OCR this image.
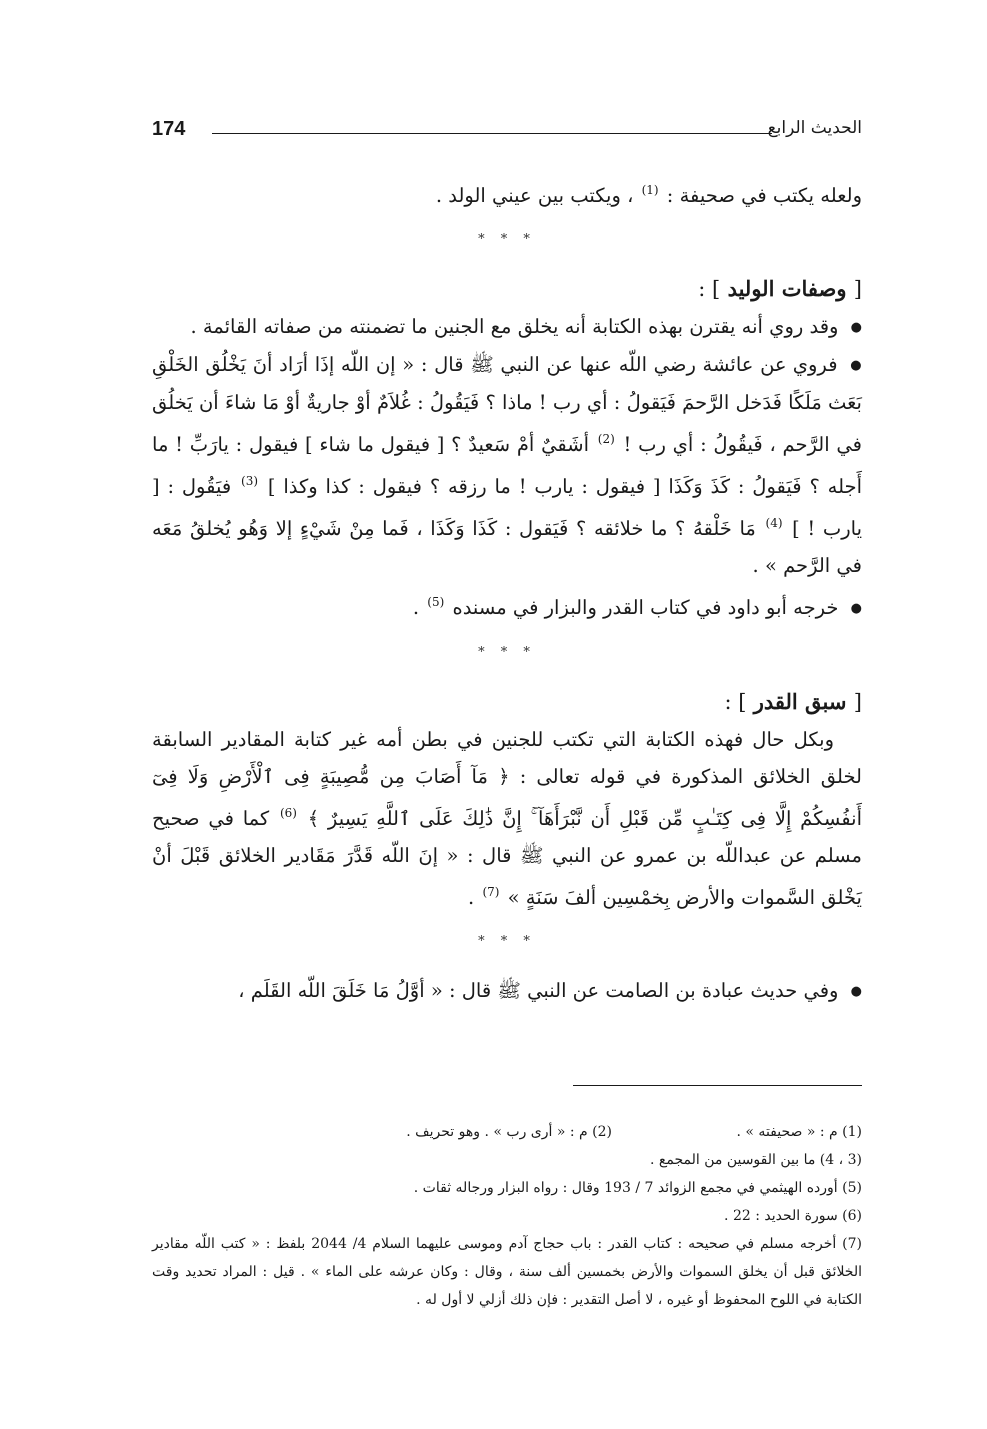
174	الحديث الرابع

ولعله يكتب في صحيفة : $^{(1)}$ ، ويكتب بين عيني الولد .

* * *

[ وصفات الوليد ] :

● وقد روي أنه يقترن بهذه الكتابة أنه يخلق مع الجنين ما تضمنته من صفاته القائمة .

● فروي عن عائشة رضي اللّه عنها عن النبي ﷺ قال : « إن اللّه إذَا أرَاد أنَ يَخْلُق الخَلْقِ بَعَث مَلَكًا فَدَخل الرَّحمَ فَيَقولُ : أي رب ! ماذا ؟ فَيَقُولُ : غُلاَمٌ أوْ جاريةٌ أوْ مَا شاءَ أن يَخلُق في الرَّحم ، فَيقُولُ : أي رب ! $^{(2)}$ أشَقيٌ أمْ سَعيدٌ ؟ [ فيقول ما شاء ] فيقول : يارَبِّ ! ما أَجله ؟ فَيَقولُ : كَذَ وَكَذَا [ فيقول : يارب ! ما رزقه ؟ فيقول : كذا وكذا ] $^{(3)}$ فيَقُول : [ يارب ! ] $^{(4)}$ مَا خَلْقهُ ؟ ما خلائقه ؟ فَيَقول : كَذَا وَكَذَا ، فَما مِنْ شَيْءٍ إلا وَهُو يُخلقُ مَعَه في الرَّحم » .

● خرجه أبو داود في كتاب القدر والبزار في مسنده $^{(5)}$ .

* * *

[ سبق القدر ] :

وبكل حال فهذه الكتابة التي تكتب للجنين في بطن أمه غير كتابة المقادير السابقة لخلق الخلائق المذكورة في قوله تعالى : ﴿ مَآ أَصَابَ مِن مُّصِيبَةٍ فِى ٱلْأَرْضِ وَلَا فِىٓ أَنفُسِكُمْ إِلَّا فِى كِتَـٰبٍ مِّن قَبْلِ أَن نَّبْرَأَهَآ ۚ إِنَّ ذَٰلِكَ عَلَى ٱللَّهِ يَسِيرٌ ﴾ $^{(6)}$ كما في صحيح مسلم عن عبداللّه بن عمرو عن النبي ﷺ قال : « إنَ اللّه قَدَّرَ مَقَادير الخلائق قَبْلَ أنْ يَخْلق السَّموات والأرض بِخمْسِين ألفَ سَنَةٍ » $^{(7)}$ .

* * *

● وفي حديث عبادة بن الصامت عن النبي ﷺ قال : « أوَّلُ مَا خَلَقَ اللّه القَلَم ،

(1) م : « صحيفته » .
(2) م : « أرى رب » . وهو تحريف .

(3 ، 4) ما بين القوسين من المجمع .

(5) أورده الهيثمي في مجمع الزوائد 7 / 193 وقال : رواه البزار ورجاله ثقات .

(6) سورة الحديد : 22 .

(7) أخرجه مسلم في صحيحه : كتاب القدر : باب حجاج آدم وموسى عليهما السلام 4/ 2044 بلفظ : « كتب اللّه مقادير الخلائق قبل أن يخلق السموات والأرض بخمسين ألف سنة ، وقال : وكان عرشه على الماء » . قيل : المراد تحديد وقت الكتابة في اللوح المحفوظ أو غيره ، لا أصل التقدير : فإن ذلك أزلي لا أول له .
